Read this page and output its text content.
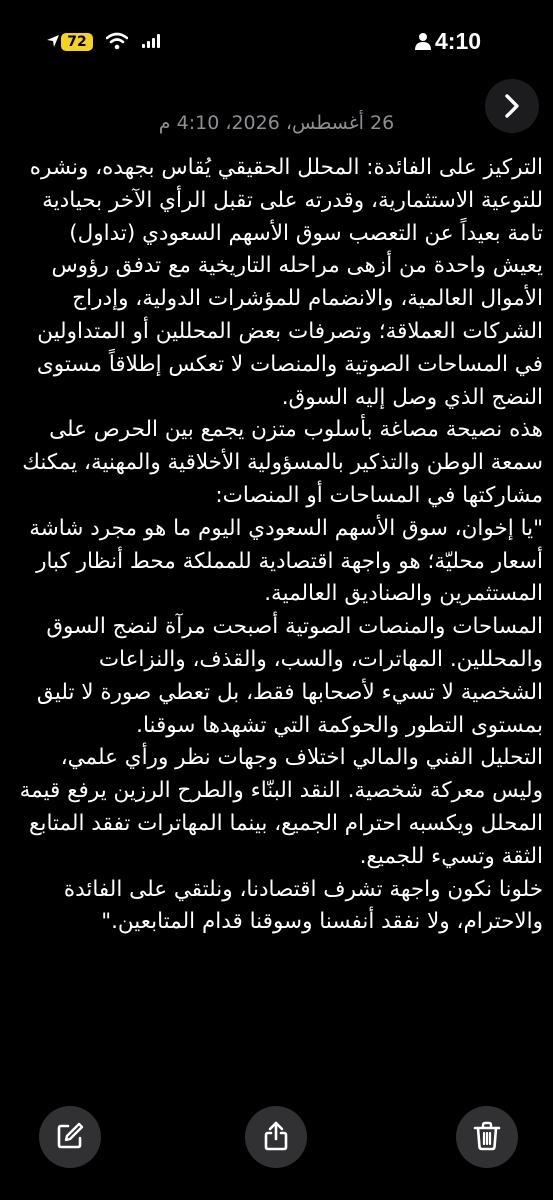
72	4:10
26 أغسطس، 2026، 4:10 م

التركيز على الفائدة: المحلل الحقيقي يُقاس بجهده، ونشره للتوعية الاستثمارية، وقدرته على تقبل الرأي الآخر بحيادية تامة بعيداً عن التعصب سوق الأسهم السعودي (تداول) يعيش واحدة من أزهى مراحله التاريخية مع تدفق رؤوس الأموال العالمية، والانضمام للمؤشرات الدولية، وإدراج الشركات العملاقة؛ وتصرفات بعض المحللين أو المتداولين في المساحات الصوتية والمنصات لا تعكس إطلاقاً مستوى النضج الذي وصل إليه السوق.

هذه نصيحة مصاغة بأسلوب متزن يجمع بين الحرص على سمعة الوطن والتذكير بالمسؤولية الأخلاقية والمهنية، يمكنك مشاركتها في المساحات أو المنصات:

"يا إخوان، سوق الأسهم السعودي اليوم ما هو مجرد شاشة أسعار محليّة؛ هو واجهة اقتصادية للمملكة محط أنظار كبار المستثمرين والصناديق العالمية.

المساحات والمنصات الصوتية أصبحت مرآة لنضج السوق والمحللين. المهاترات، والسب، والقذف، والنزاعات الشخصية لا تسيء لأصحابها فقط، بل تعطي صورة لا تليق بمستوى التطور والحوكمة التي تشهدها سوقنا.

التحليل الفني والمالي اختلاف وجهات نظر ورأي علمي، وليس معركة شخصية. النقد البنّاء والطرح الرزين يرفع قيمة المحلل ويكسبه احترام الجميع، بينما المهاترات تفقد المتابع الثقة وتسيء للجميع.

خلونا نكون واجهة تشرف اقتصادنا، ونلتقي على الفائدة والاحترام، ولا نفقد أنفسنا وسوقنا قدام المتابعين."
